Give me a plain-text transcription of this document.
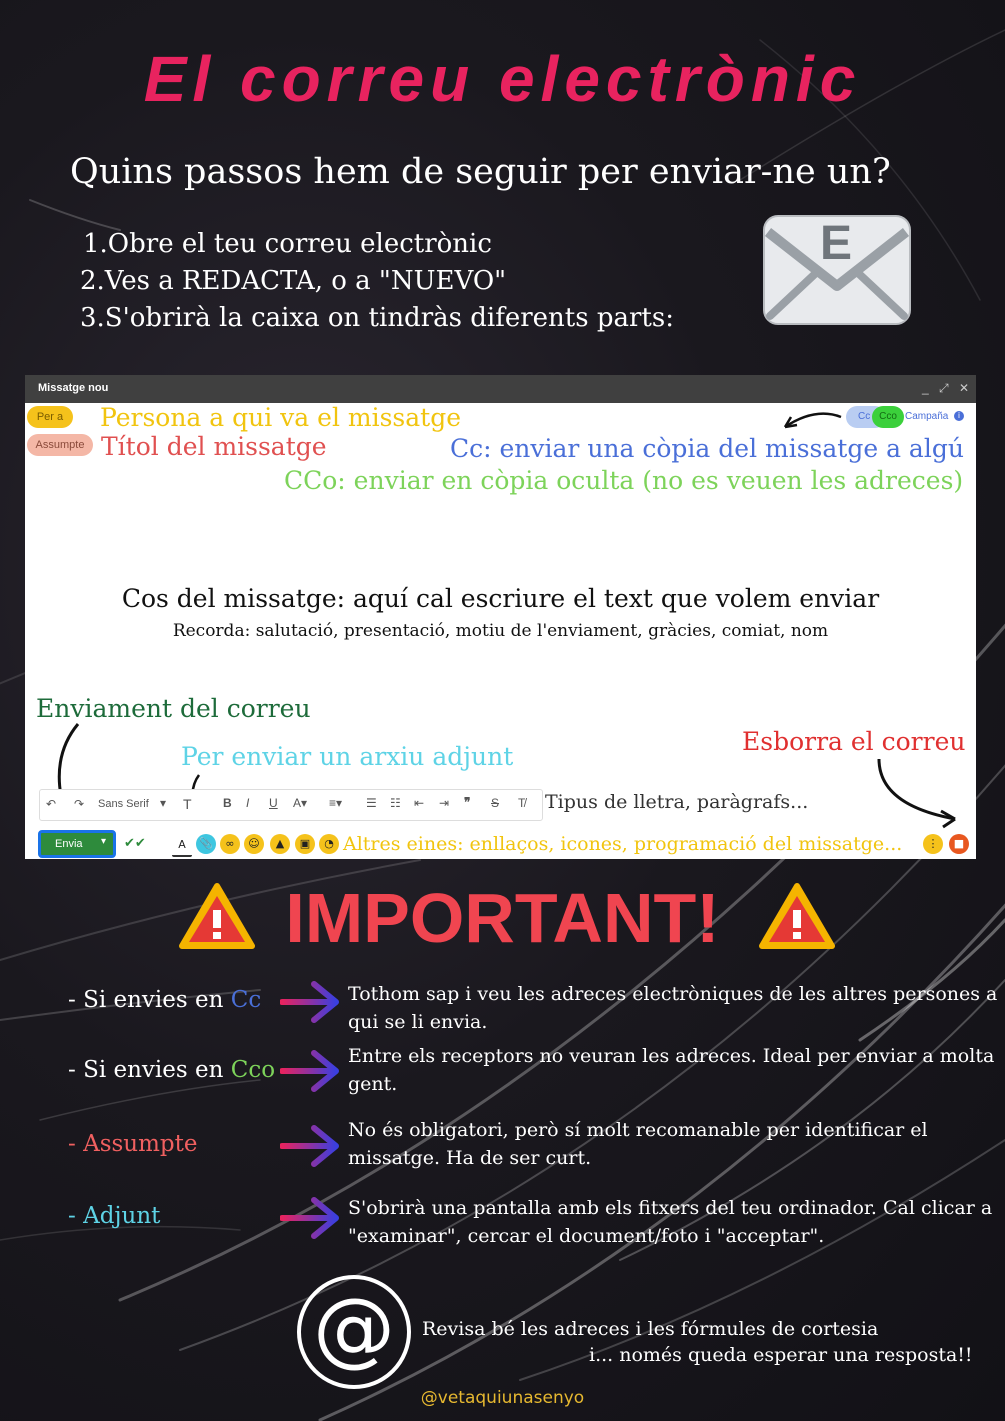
El correu electrònic
Quins passos hem de seguir per enviar-ne un?
1.Obre el teu correu electrònic
2.Ves a REDACTA, o a "NUEVO"
3.S'obrirà la caixa on tindràs diferents parts:
E
Missatge nou	_ ⤢ ✕
Per a	Persona a qui va el missatge
Assumpte Títol del missatge
Cc Cco Campaña	i
Cc: enviar una còpia del missatge a algú
CCo: enviar en còpia oculta (no es veuen les adreces)
Cos del missatge: aquí cal escriure el text que volem enviar
Recorda: salutació, presentació, motiu de l'enviament, gràcies, comiat, nom
Enviament del correu
Per enviar un arxiu adjunt
Esborra el correu
↶ ↷ Sans Serif ▾ T	B I U A▾ ≡▾ ☰ ☷ ⇤ ⇥ ❞ S T̸ Tipus de lletra, paràgrafs...
Envia ▾ ✔✔	A	📎	∞	☺	▲	▣	◔ Altres eines: enllaços, icones, programació del missatge...	⋮	■
IMPORTANT!
- Si envies en Cc	Tothom sap i veu les adreces electròniques de les altres persones a qui se li envia.
- Si envies en Cco
Entre els receptors no veuran les adreces. Ideal per enviar a molta gent.
- Assumpte
No és obligatori, però sí molt recomanable per identificar el missatge. Ha de ser curt.
- Adjunt	S'obrirà una pantalla amb els fitxers del teu ordinador. Cal clicar a "examinar", cercar el document/foto i "acceptar".
@	Revisa bé les adreces i les fórmules de cortesia
i... només queda esperar una resposta!!
@vetaquiunasenyo
